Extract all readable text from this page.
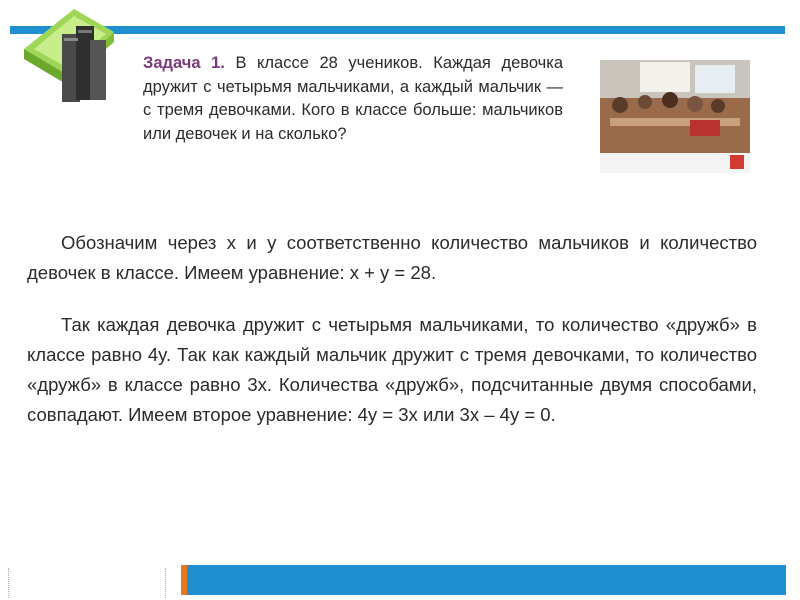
Задача 1. В классе 28 учеников. Каждая девочка дружит с четырьмя мальчиками, а каждый мальчик — с тремя девочками. Кого в классе больше: мальчиков или девочек и на сколько?
Обозначим через x и y соответственно количество мальчиков и количество девочек в классе. Имеем уравнение: x + y = 28.
Так каждая девочка дружит с четырьмя мальчиками, то количество «дружб» в классе равно 4y. Так как каждый мальчик дружит с тремя девочками, то количество «дружб» в классе равно 3x. Количества «дружб», подсчитанные двумя способами, совпадают. Имеем второе уравнение: 4y = 3x или 3x – 4y = 0.
